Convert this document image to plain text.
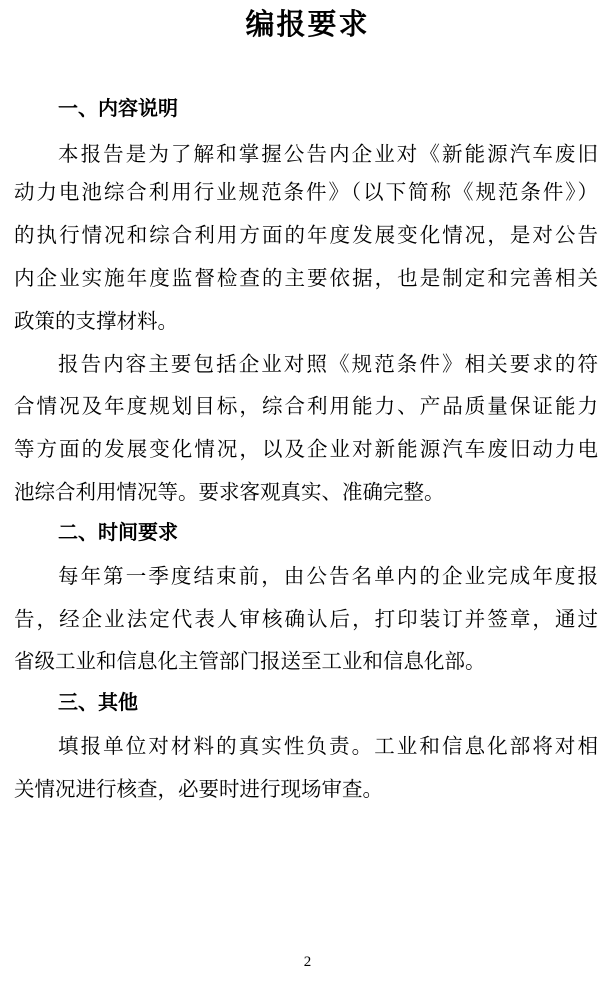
编报要求
一、内容说明
本报告是为了解和掌握公告内企业对《新能源汽车废旧
动力电池综合利用行业规范条件》（以下简称《规范条件》）
的执行情况和综合利用方面的年度发展变化情况，是对公告
内企业实施年度监督检查的主要依据，也是制定和完善相关
政策的支撑材料。
报告内容主要包括企业对照《规范条件》相关要求的符
合情况及年度规划目标，综合利用能力、产品质量保证能力
等方面的发展变化情况，以及企业对新能源汽车废旧动力电
池综合利用情况等。要求客观真实、准确完整。
二、时间要求
每年第一季度结束前，由公告名单内的企业完成年度报
告，经企业法定代表人审核确认后，打印装订并签章，通过
省级工业和信息化主管部门报送至工业和信息化部。
三、其他
填报单位对材料的真实性负责。工业和信息化部将对相
关情况进行核查，必要时进行现场审查。
2
